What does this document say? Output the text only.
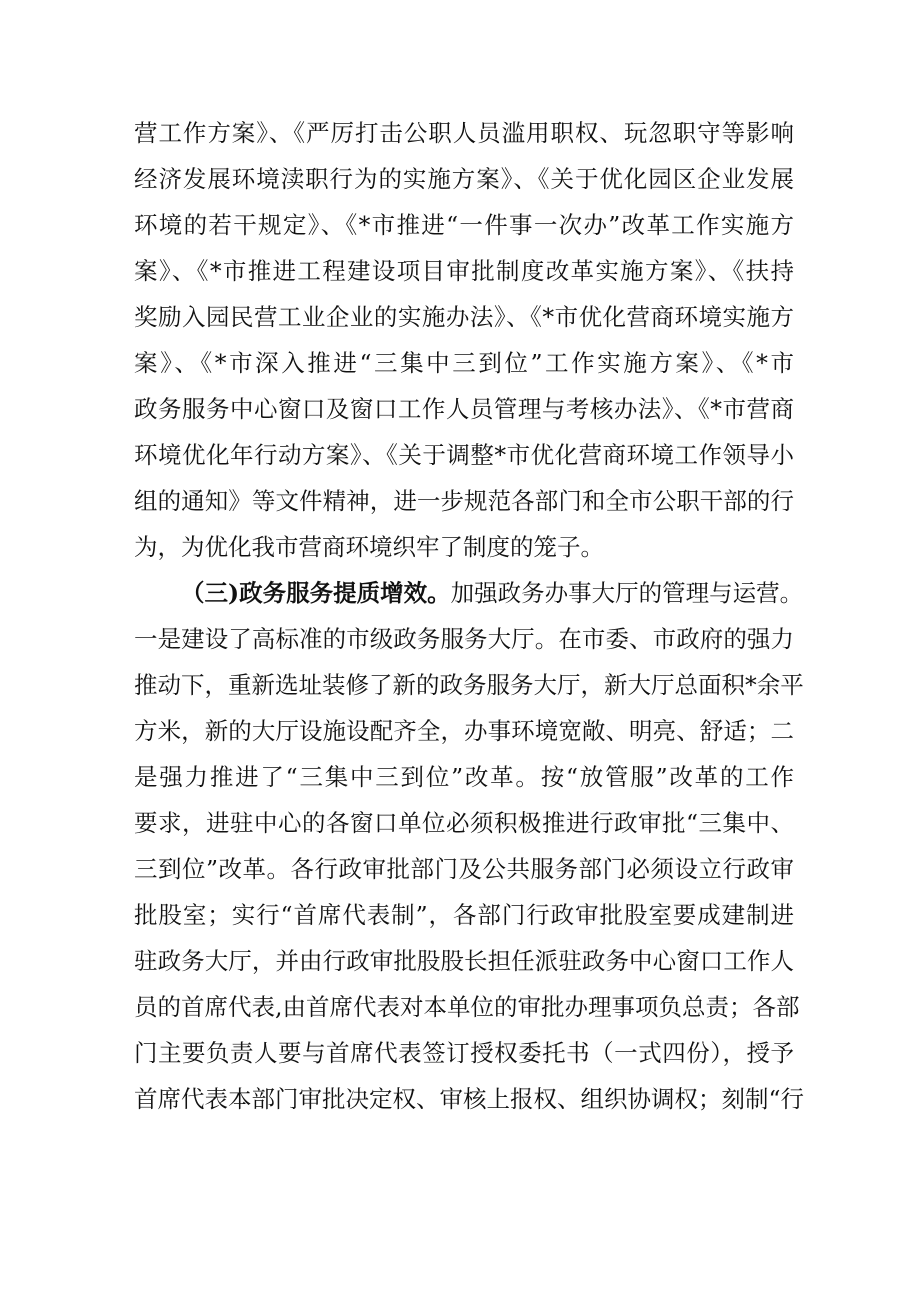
营工作方案》、《严厉打击公职人员滥用职权、玩忽职守等影响
经济发展环境渎职行为的实施方案》、《关于优化园区企业发展
环境的若干规定》、《*市推进“一件事一次办”改革工作实施方
案》、《*市推进工程建设项目审批制度改革实施方案》、《扶持
奖励入园民营工业企业的实施办法》、《*市优化营商环境实施方
案》、《*市深入推进“三集中三到位”工作实施方案》、《*市
政务服务中心窗口及窗口工作人员管理与考核办法》、《*市营商
环境优化年行动方案》、《关于调整*市优化营商环境工作领导小
组的通知》等文件精神，进一步规范各部门和全市公职干部的行
为，为优化我市营商环境织牢了制度的笼子。
（三)政务服务提质增效。加强政务办事大厅的管理与运营。
一是建设了高标准的市级政务服务大厅。在市委、市政府的强力
推动下，重新选址装修了新的政务服务大厅，新大厅总面积*余平
方米，新的大厅设施设配齐全，办事环境宽敞、明亮、舒适；二
是强力推进了“三集中三到位”改革。按“放管服”改革的工作
要求，进驻中心的各窗口单位必须积极推进行政审批“三集中、
三到位”改革。各行政审批部门及公共服务部门必须设立行政审
批股室；实行“首席代表制”，各部门行政审批股室要成建制进
驻政务大厅，并由行政审批股股长担任派驻政务中心窗口工作人
员的首席代表,由首席代表对本单位的审批办理事项负总责；各部
门主要负责人要与首席代表签订授权委托书（一式四份），授予
首席代表本部门审批决定权、审核上报权、组织协调权；刻制“行
